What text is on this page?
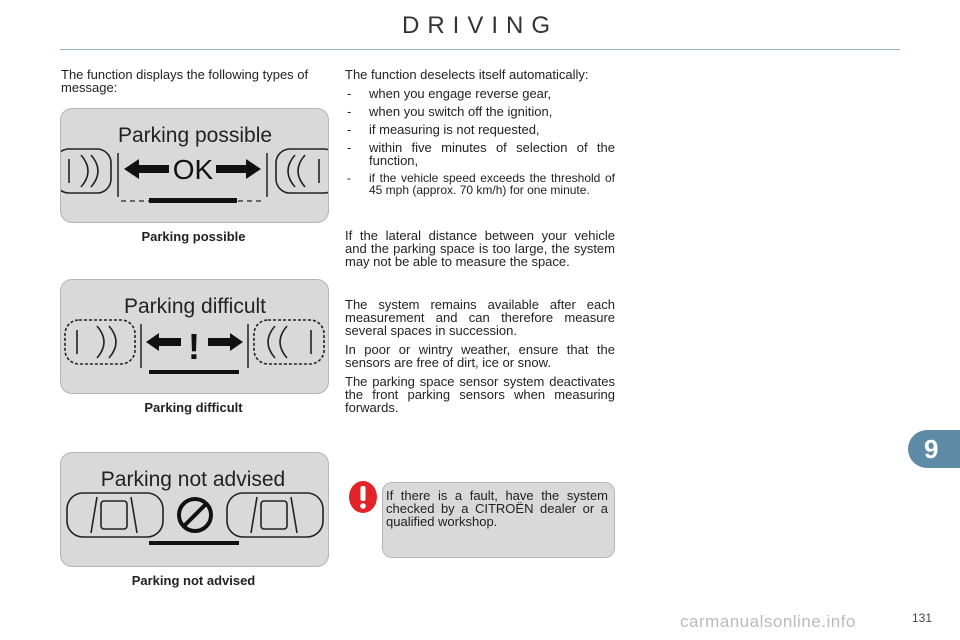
DRIVING
The function displays the following types of message:
Parking possible
OK
Parking possible
Parking difficult
!
Parking difficult
Parking not advised
Parking not advised

The function deselects itself automatically:

- when you engage reverse gear,
- when you switch off the ignition,
- if measuring is not requested,
- within five minutes of selection of the function,
- if the vehicle speed exceeds the threshold of 45 mph (approx. 70 km/h) for one minute.

If the lateral distance between your vehicle and the parking space is too large, the system may not be able to measure the space.

The system remains available after each measurement and can therefore measure several spaces in succession.

In poor or wintry weather, ensure that the sensors are free of dirt, ice or snow.

The parking space sensor system deactivates the front parking sensors when measuring forwards.

If there is a fault, have the system checked by a CITROËN dealer or a qualified workshop.
9
carmanualsonline.info	131
